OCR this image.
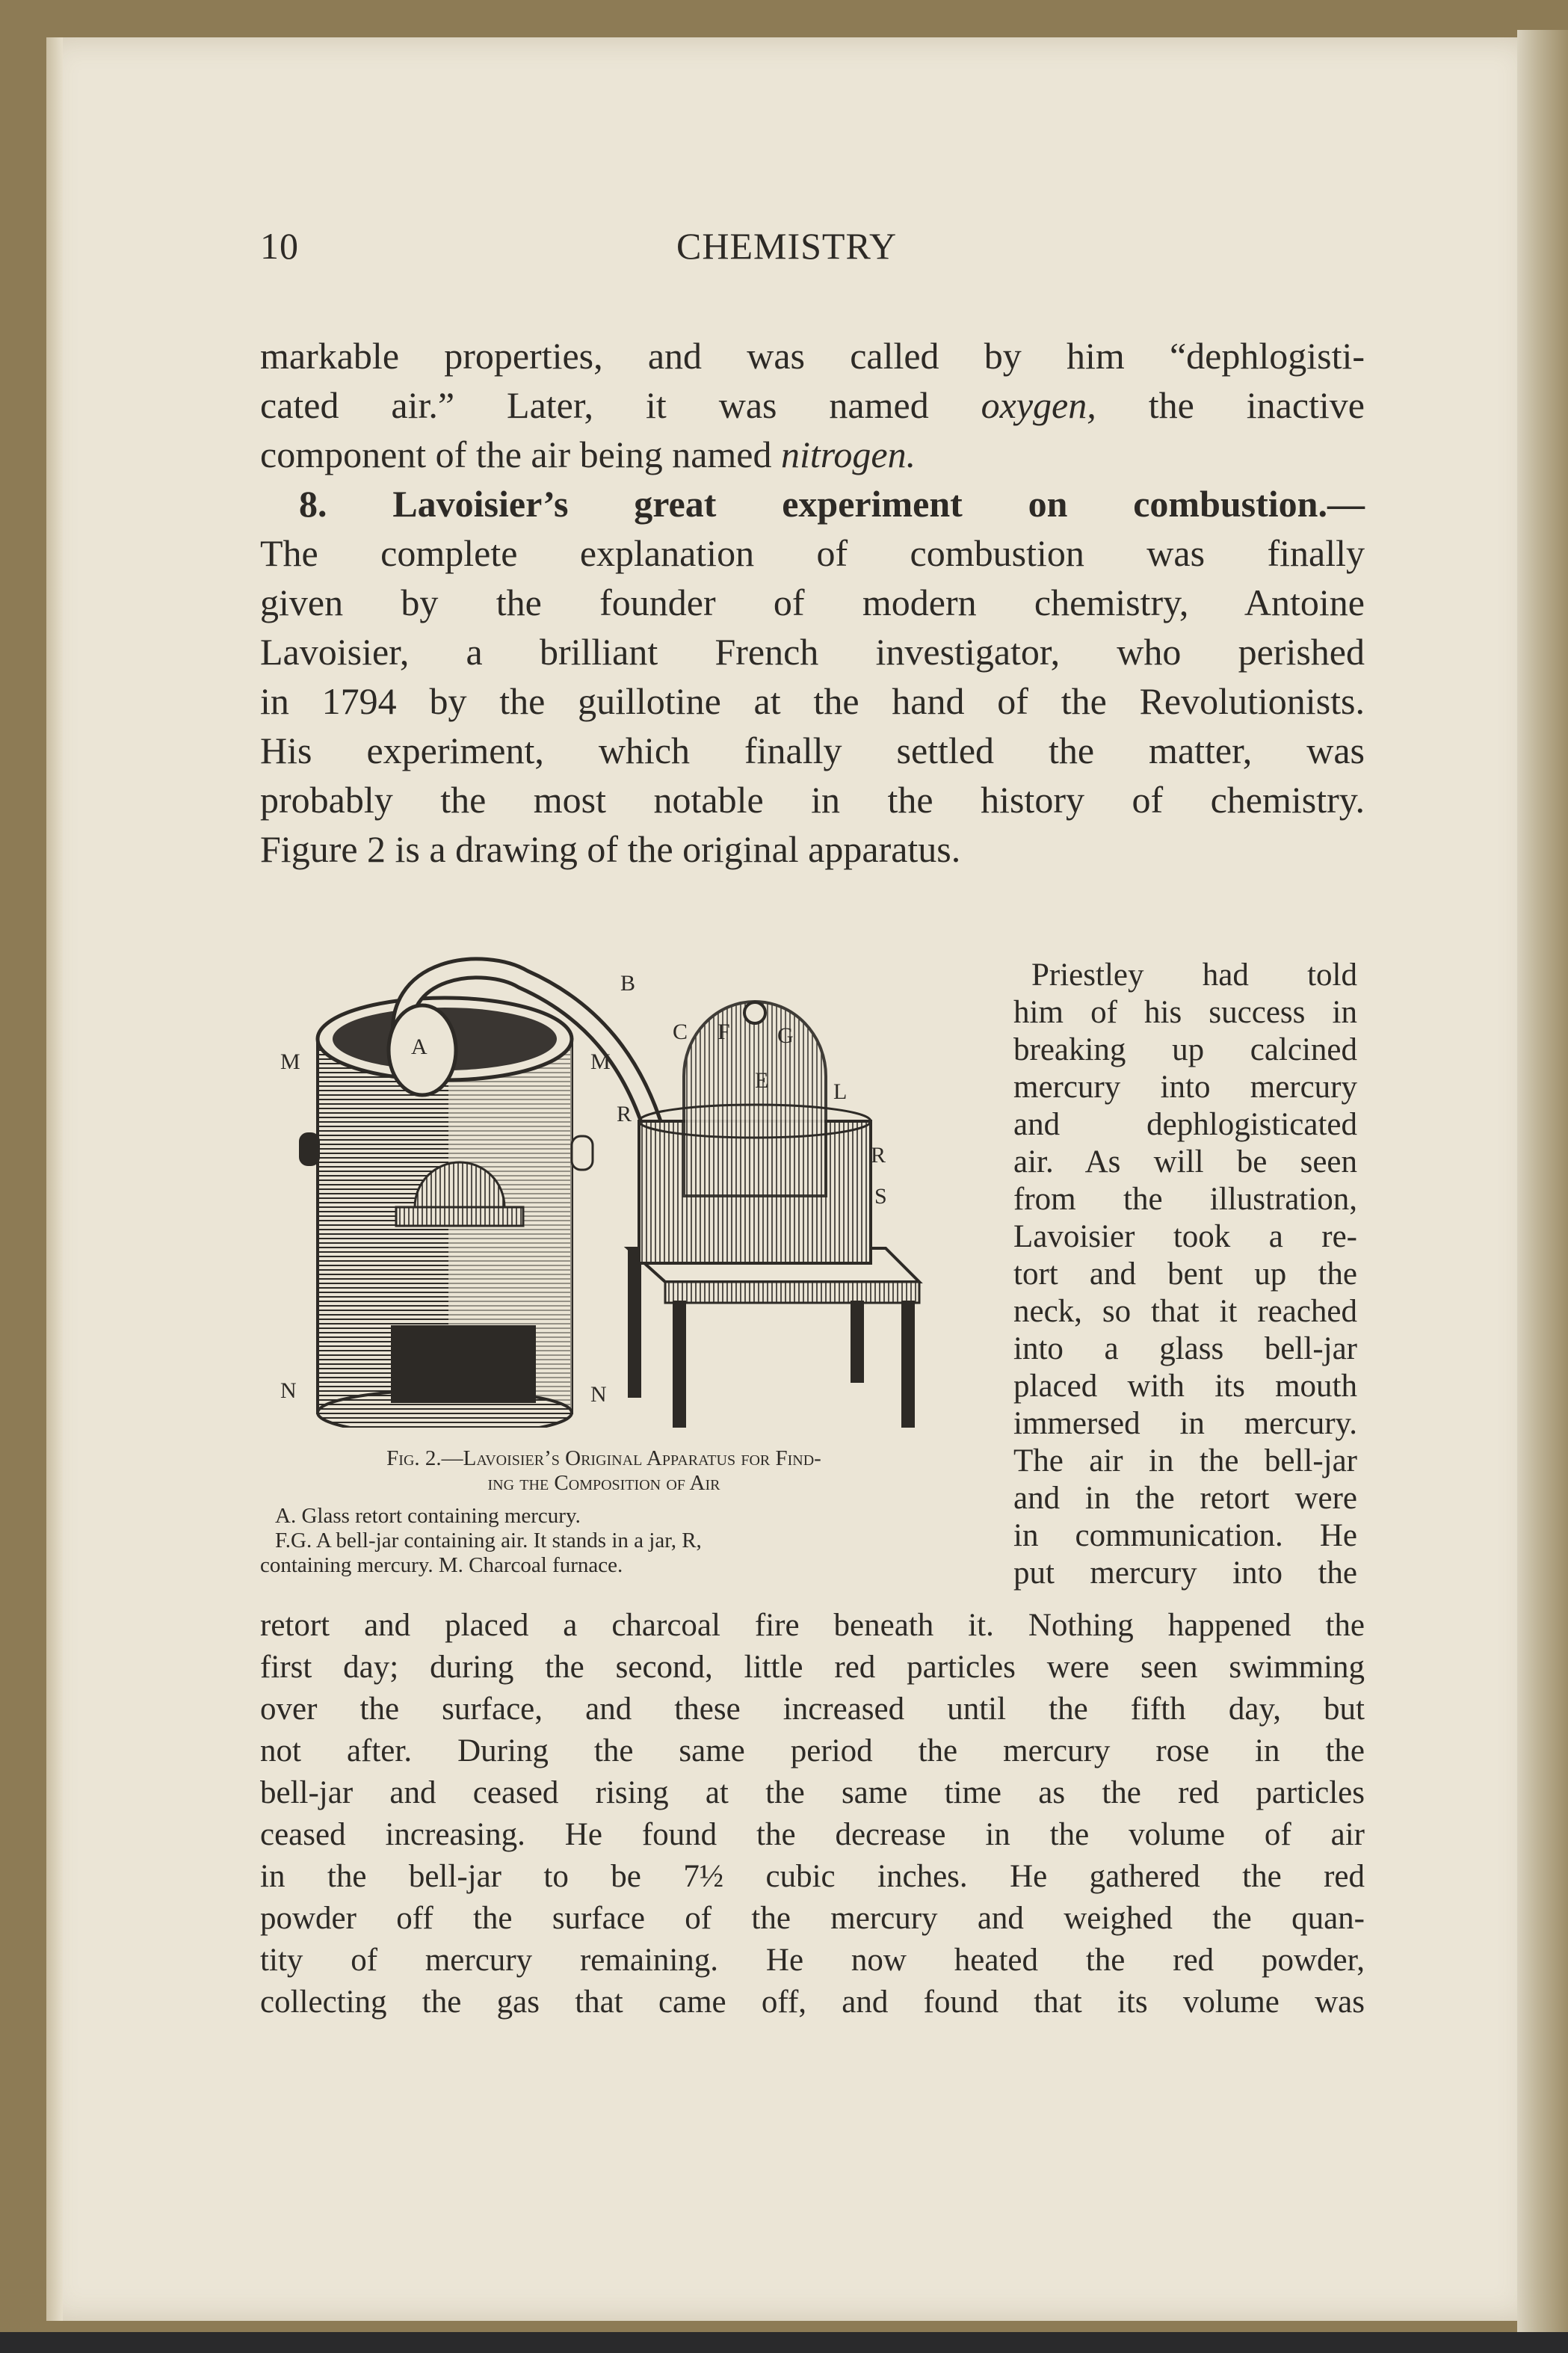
10	CHEMISTRY
markable properties, and was called by him “dephlogisti-
cated air.” Later, it was named oxygen, the inactive
component of the air being named nitrogen.
8. Lavoisier’s great experiment on combustion.—
The complete explanation of combustion was finally
given by the founder of modern chemistry, Antoine
Lavoisier, a brilliant French investigator, who perished
in 1794 by the guillotine at the hand of the Revolutionists.
His experiment, which finally settled the matter, was
probably the most notable in the history of chemistry.
Figure 2 is a drawing of the original apparatus.
Priestley had told
him of his success in
breaking up calcined
mercury into mercury
and dephlogisticated
air. As will be seen
from the illustration,
Lavoisier took a re-
tort and bent up the
neck, so that it reached
into a glass bell-jar
placed with its mouth
immersed in mercury.
The air in the bell-jar
and in the retort were
in communication. He
put mercury into the
A
B
C F G
E	L
M	M
R
R
S
N	N
Fig. 2.—Lavoisier’s Original Apparatus for Find-
ing the Composition of Air
A. Glass retort containing mercury.
F.G. A bell-jar containing air. It stands in a jar, R,
containing mercury. M. Charcoal furnace.
retort and placed a charcoal fire beneath it. Nothing happened the
first day; during the second, little red particles were seen swimming
over the surface, and these increased until the fifth day, but
not after. During the same period the mercury rose in the
bell-jar and ceased rising at the same time as the red particles
ceased increasing. He found the decrease in the volume of air
in the bell-jar to be 7½ cubic inches. He gathered the red
powder off the surface of the mercury and weighed the quan-
tity of mercury remaining. He now heated the red powder,
collecting the gas that came off, and found that its volume was
